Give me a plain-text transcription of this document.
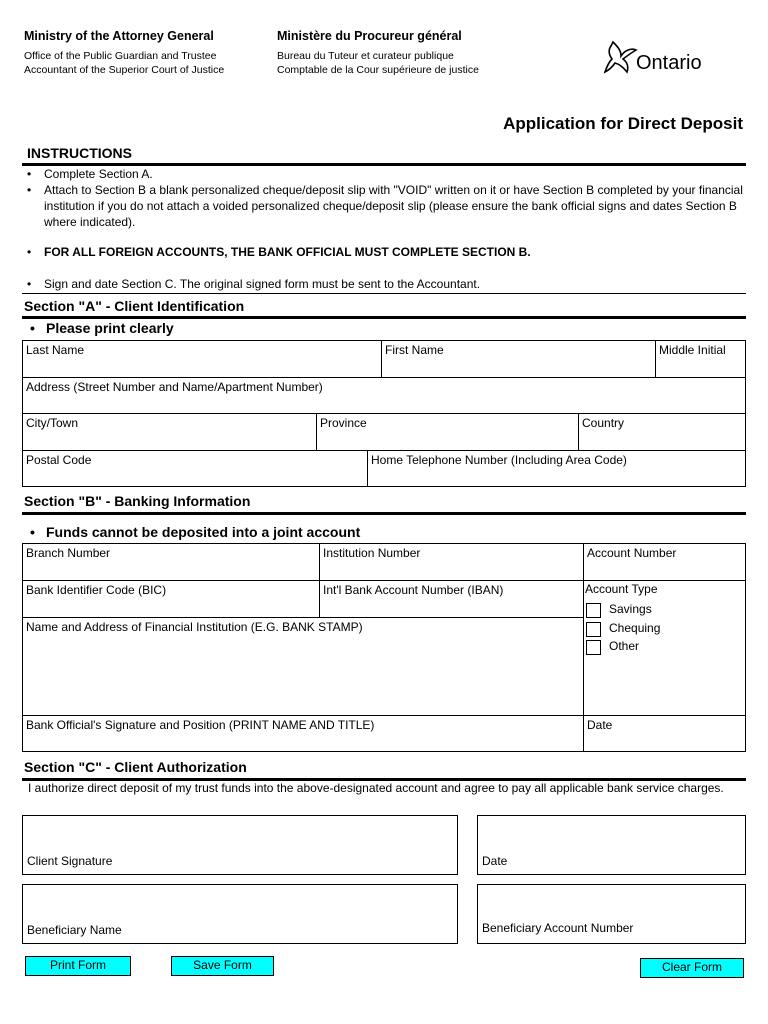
Ministry of the Attorney General
Office of the Public Guardian and Trustee
Accountant of the Superior Court of Justice
Ministère du Procureur général
Bureau du Tuteur et curateur publique
Comptable de la Cour supérieure de justice	Ontario
Application for Direct Deposit
INSTRUCTIONS
• Complete Section A.
• Attach to Section B a blank personalized cheque/deposit slip with "VOID" written on it or have Section B completed by your financial institution if you do not attach a voided personalized cheque/deposit slip (please ensure the bank official signs and dates Section B where indicated).
• FOR ALL FOREIGN ACCOUNTS, THE BANK OFFICIAL MUST COMPLETE SECTION B.
• Sign and date Section C. The original signed form must be sent to the Accountant.
Section "A" - Client Identification
• Please print clearly
Last Name	First Name	Middle Initial
Address (Street Number and Name/Apartment Number)
City/Town	Province	Country
Postal Code	Home Telephone Number (Including Area Code)
Section "B" - Banking Information
• Funds cannot be deposited into a joint account
Branch Number	Institution Number	Account Number
Bank Identifier Code (BIC)	Int'l Bank Account Number (IBAN)	Account Type
Savings
Chequing
Other
Name and Address of Financial Institution (E.G. BANK STAMP)
Bank Official's Signature and Position (PRINT NAME AND TITLE)	Date
Section "C" - Client Authorization
I authorize direct deposit of my trust funds into the above-designated account and agree to pay all applicable bank service charges.
Client Signature	Date
Beneficiary Name	Beneficiary Account Number
Print Form	Save Form	Clear Form
